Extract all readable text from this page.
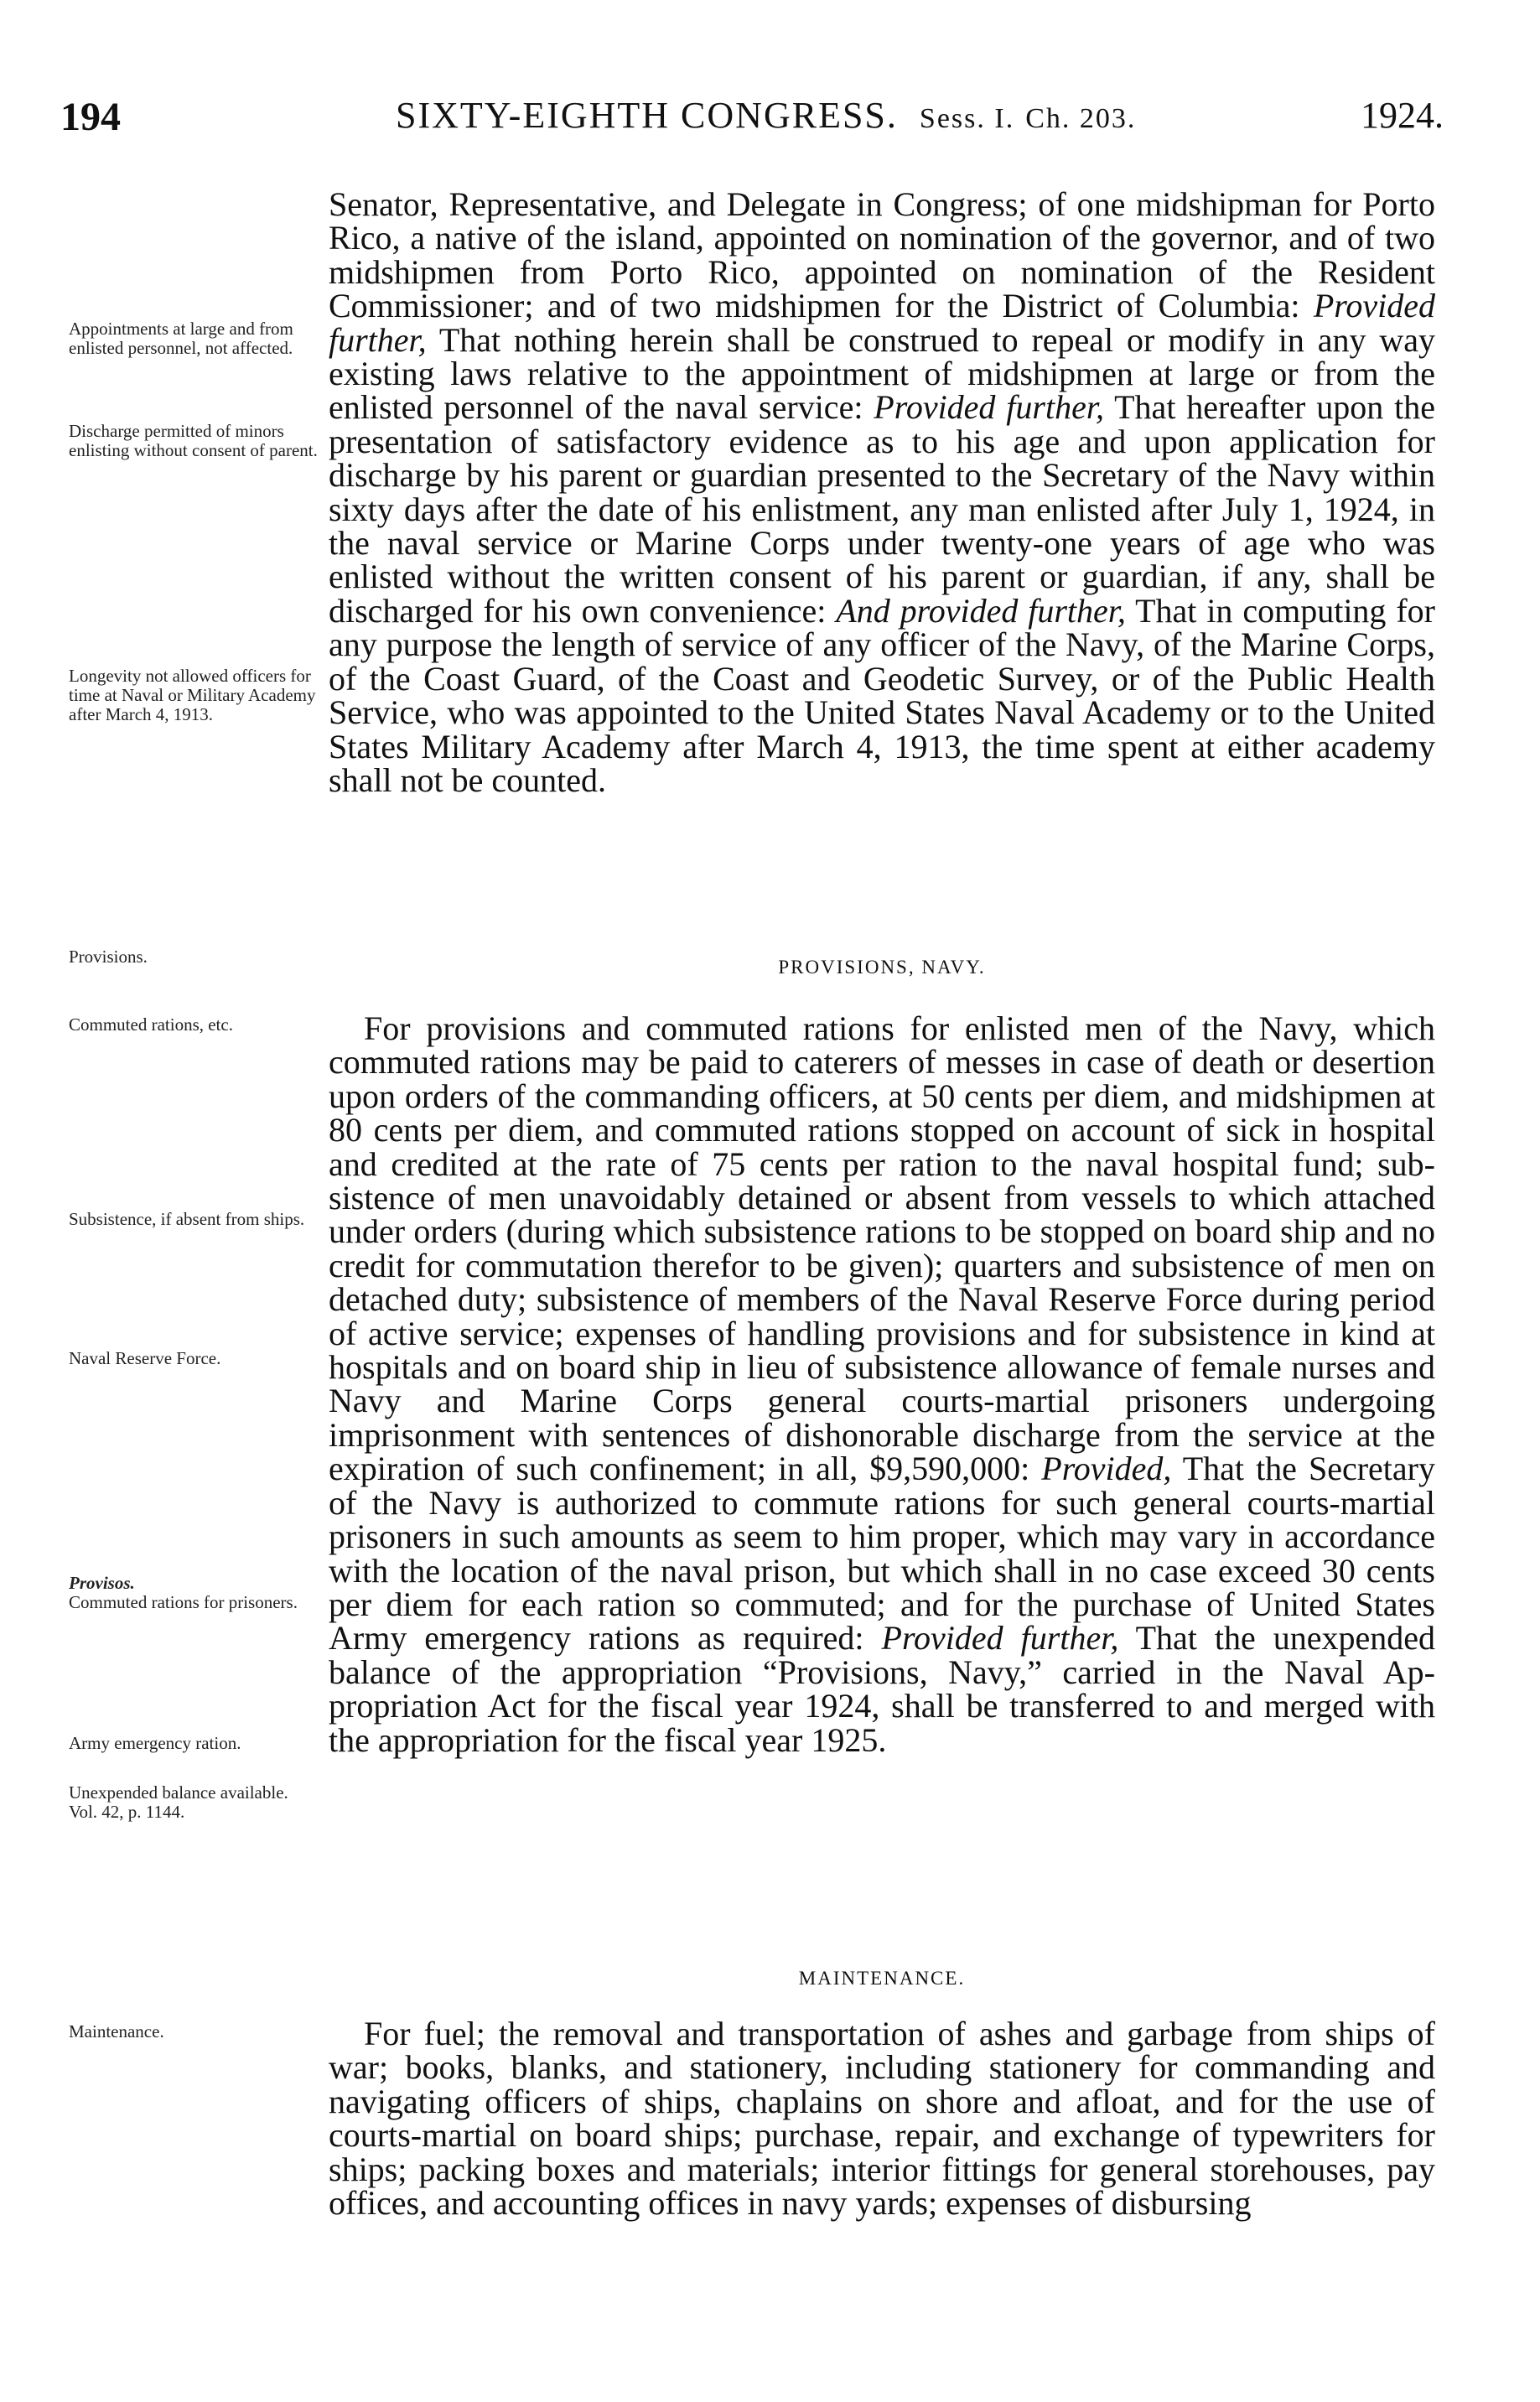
194	SIXTY-EIGHTH CONGRESS. Sess. I. Ch. 203.	1924.
Appointments at large and from enlisted personnel, not affected.
Discharge permitted of minors enlisting without consent of parent.
Longevity not allowed officers for time at Naval or Military Academy after March 4, 1913.
Provisions.
Commuted rations, etc.
Subsistence, if absent from ships.
Naval Reserve Force.
Provisos.
Commuted rations for prisoners.
Army emergency ration.
Unexpended balance available.
Vol. 42, p. 1144.
Maintenance.

Senator, Representative, and Delegate in Congress; of one midshipman for Porto Rico, a native of the island, appointed on nomination of the governor, and of two midshipmen from Porto Rico, appointed on nomination of the Resident Commissioner; and of two midshipmen for the District of Columbia: Provided further, That nothing herein shall be construed to repeal or modify in any way existing laws relative to the appointment of midshipmen at large or from the enlisted personnel of the naval service: Provided further, That hereafter upon the presentation of satisfactory evidence as to his age and upon application for discharge by his parent or guardian presented to the Secretary of the Navy within sixty days after the date of his enlistment, any man enlisted after July 1, 1924, in the naval service or Marine Corps under twenty-one years of age who was enlisted without the written consent of his parent or guardian, if any, shall be discharged for his own convenience: And provided further, That in computing for any purpose the length of service of any officer of the Navy, of the Marine Corps, of the Coast Guard, of the Coast and Geodetic Survey, or of the Public Health Service, who was appointed to the United States Naval Academy or to the United States Military Academy after March 4, 1913, the time spent at either academy shall not be counted.

PROVISIONS, NAVY.

For provisions and commuted rations for enlisted men of the Navy, which commuted rations may be paid to caterers of messes in case of death or desertion upon orders of the commanding officers, at 50 cents per diem, and midshipmen at 80 cents per diem, and commuted rations stopped on account of sick in hospital and credited at the rate of 75 cents per ration to the naval hospital fund; subsistence of men unavoidably detained or absent from vessels to which attached under orders (during which subsistence rations to be stopped on board ship and no credit for commutation therefor to be given); quarters and subsistence of men on detached duty; subsistence of members of the Naval Reserve Force during period of active service; expenses of handling provisions and for subsistence in kind at hospitals and on board ship in lieu of subsistence allowance of female nurses and Navy and Marine Corps general courts-martial prisoners undergoing imprisonment with sentences of dishonorable discharge from the service at the expiration of such confinement; in all, $9,590,000: Provided, That the Secretary of the Navy is authorized to commute rations for such general courts-martial prisoners in such amounts as seem to him proper, which may vary in accordance with the location of the naval prison, but which shall in no case exceed 30 cents per diem for each ration so commuted; and for the purchase of United States Army emergency rations as required: Provided further, That the unexpended balance of the appropriation “Provisions, Navy,” carried in the Naval Appropriation Act for the fiscal year 1924, shall be transferred to and merged with the appropriation for the fiscal year 1925.

MAINTENANCE.

For fuel; the removal and transportation of ashes and garbage from ships of war; books, blanks, and stationery, including stationery for commanding and navigating officers of ships, chaplains on shore and afloat, and for the use of courts-martial on board ships; purchase, repair, and exchange of typewriters for ships; packing boxes and materials; interior fittings for general storehouses, pay offices, and accounting offices in navy yards; expenses of disbursing
